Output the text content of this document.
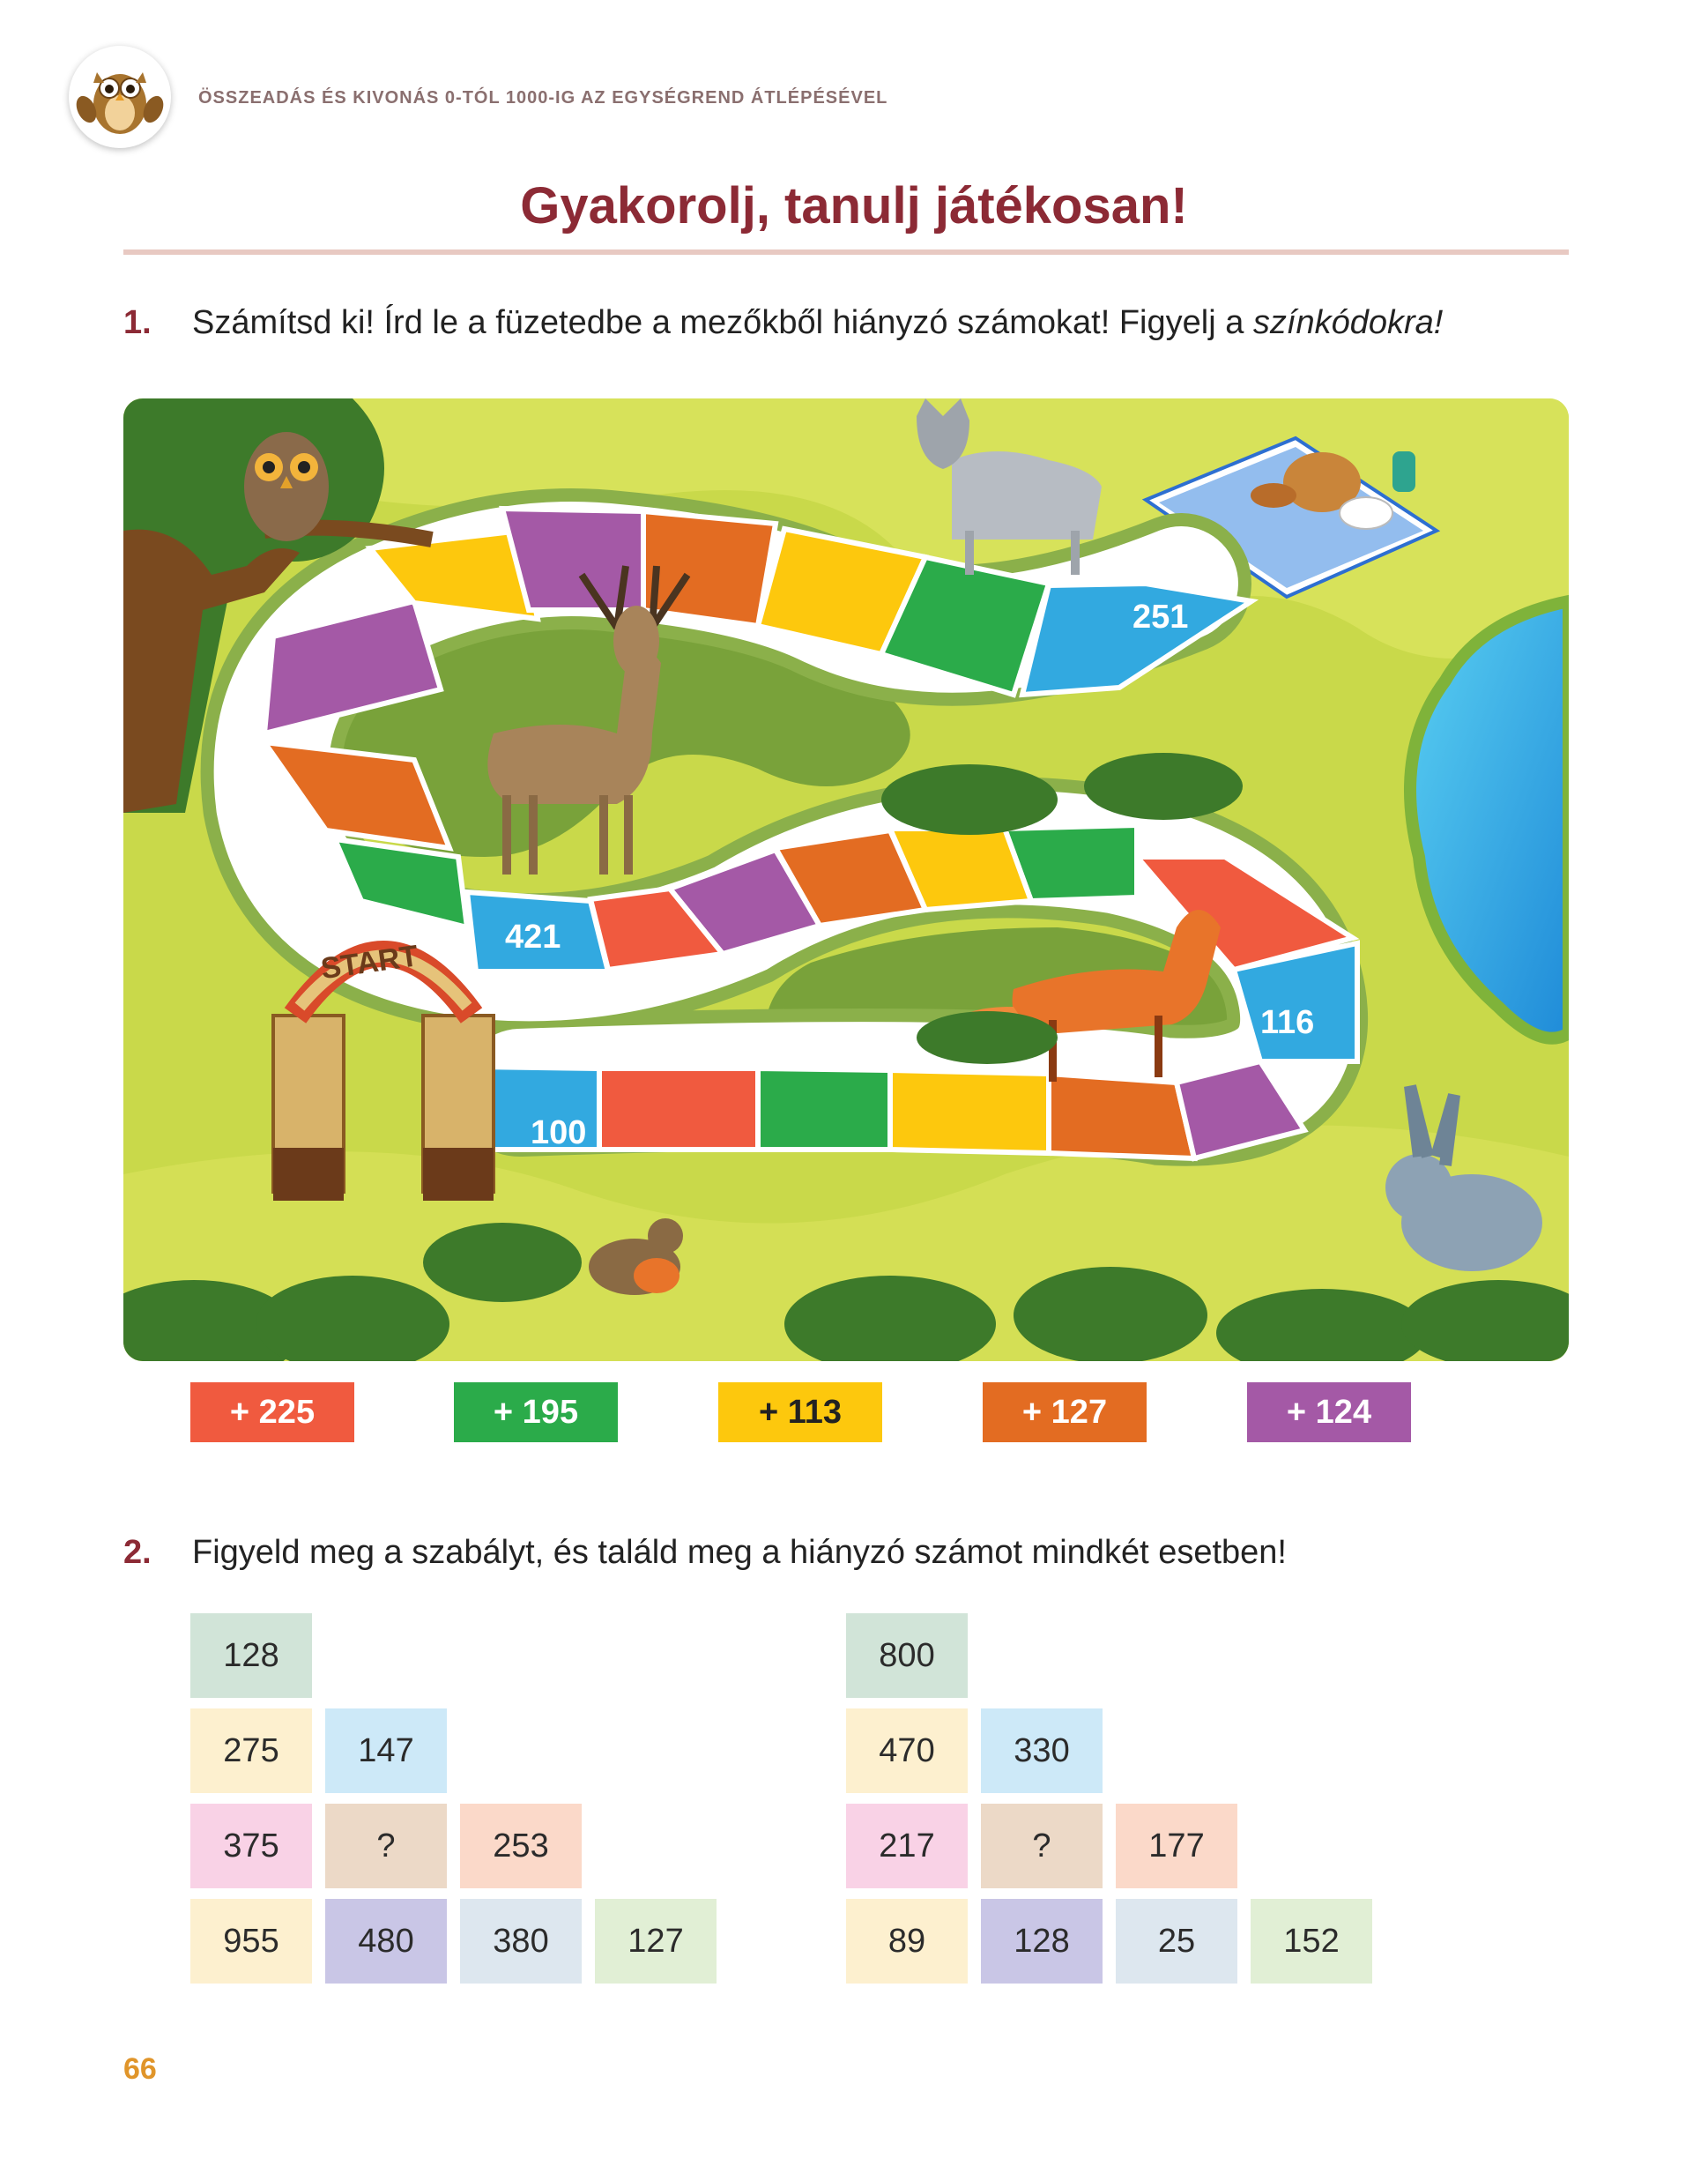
ÖSSZEADÁS ÉS KIVONÁS 0-TÓL 1000-IG AZ EGYSÉGREND ÁTLÉPÉSÉVEL
Gyakorolj, tanulj játékosan!
1. Számítsd ki! Írd le a füzetedbe a mezőkből hiányzó számokat! Figyelj a színkódokra!
251
421
116
100
START
+ 225	+ 195	+ 113	+ 127	+ 124
2. Figyeld meg a szabályt, és találd meg a hiányzó számot mindkét esetben!
128
275	147
375	?	253
955	480	380	127
800
470	330
217	?	177
89	128	25	152
66
